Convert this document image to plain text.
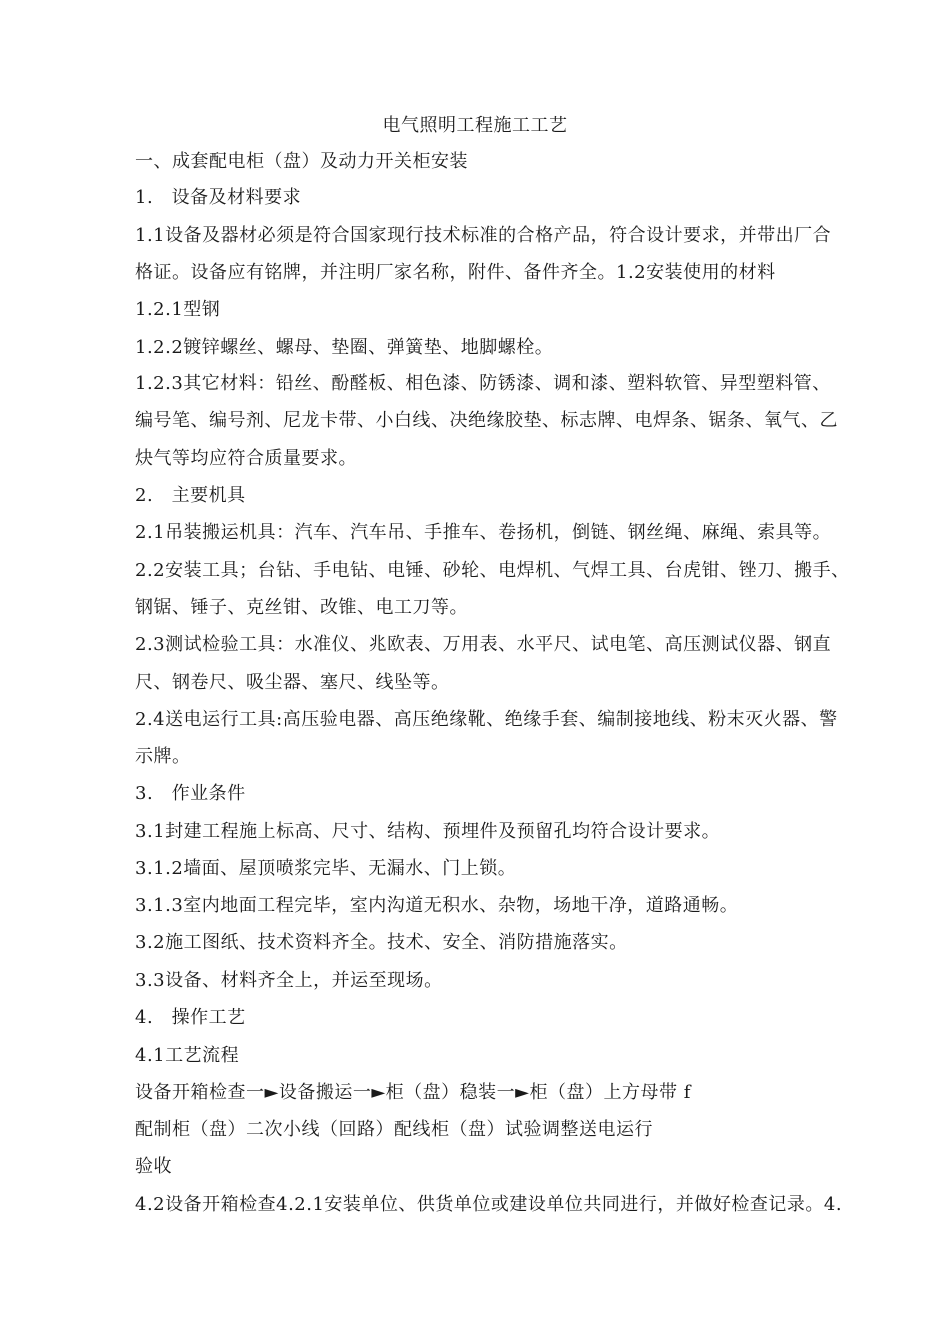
电气照明工程施工工艺
一、成套配电柜（盘）及动力开关柜安装
1.　设备及材料要求
1.1设备及器材必须是符合国家现行技术标准的合格产品，符合设计要求，并带出厂合
格证。设备应有铭牌，并注明厂家名称，附件、备件齐全。1.2安装使用的材料
1.2.1型钢
1.2.2镀锌螺丝、螺母、垫圈、弹簧垫、地脚螺栓。
1.2.3其它材料：铅丝、酚醛板、相色漆、防锈漆、调和漆、塑料软管、异型塑料管、
编号笔、编号剂、尼龙卡带、小白线、决绝缘胶垫、标志牌、电焊条、锯条、氧气、乙
炔气等均应符合质量要求。
2.　主要机具
2.1吊装搬运机具：汽车、汽车吊、手推车、卷扬机，倒链、钢丝绳、麻绳、索具等。
2.2安装工具；台钻、手电钻、电锤、砂轮、电焊机、气焊工具、台虎钳、锉刀、搬手、
钢锯、锤子、克丝钳、改锥、电工刀等。
2.3测试检验工具：水准仪、兆欧表、万用表、水平尺、试电笔、高压测试仪器、钢直
尺、钢卷尺、吸尘器、塞尺、线坠等。
2.4送电运行工具:高压验电器、高压绝缘靴、绝缘手套、编制接地线、粉末灭火器、警
示牌。
3.　作业条件
3.1封建工程施上标高、尺寸、结构、预埋件及预留孔均符合设计要求。
3.1.2墙面、屋顶喷浆完毕、无漏水、门上锁。
3.1.3室内地面工程完毕，室内沟道无积水、杂物，场地干净，道路通畅。
3.2施工图纸、技术资料齐全。技术、安全、消防措施落实。
3.3设备、材料齐全上，并运至现场。
4.　操作工艺
4.1工艺流程
设备开箱检查一►设备搬运一►柜（盘）稳装一►柜（盘）上方母带 f
配制柜（盘）二次小线（回路）配线柜（盘）试验调整送电运行
验收
4.2设备开箱检查4.2.1安装单位、供货单位或建设单位共同进行，并做好检查记录。4.
